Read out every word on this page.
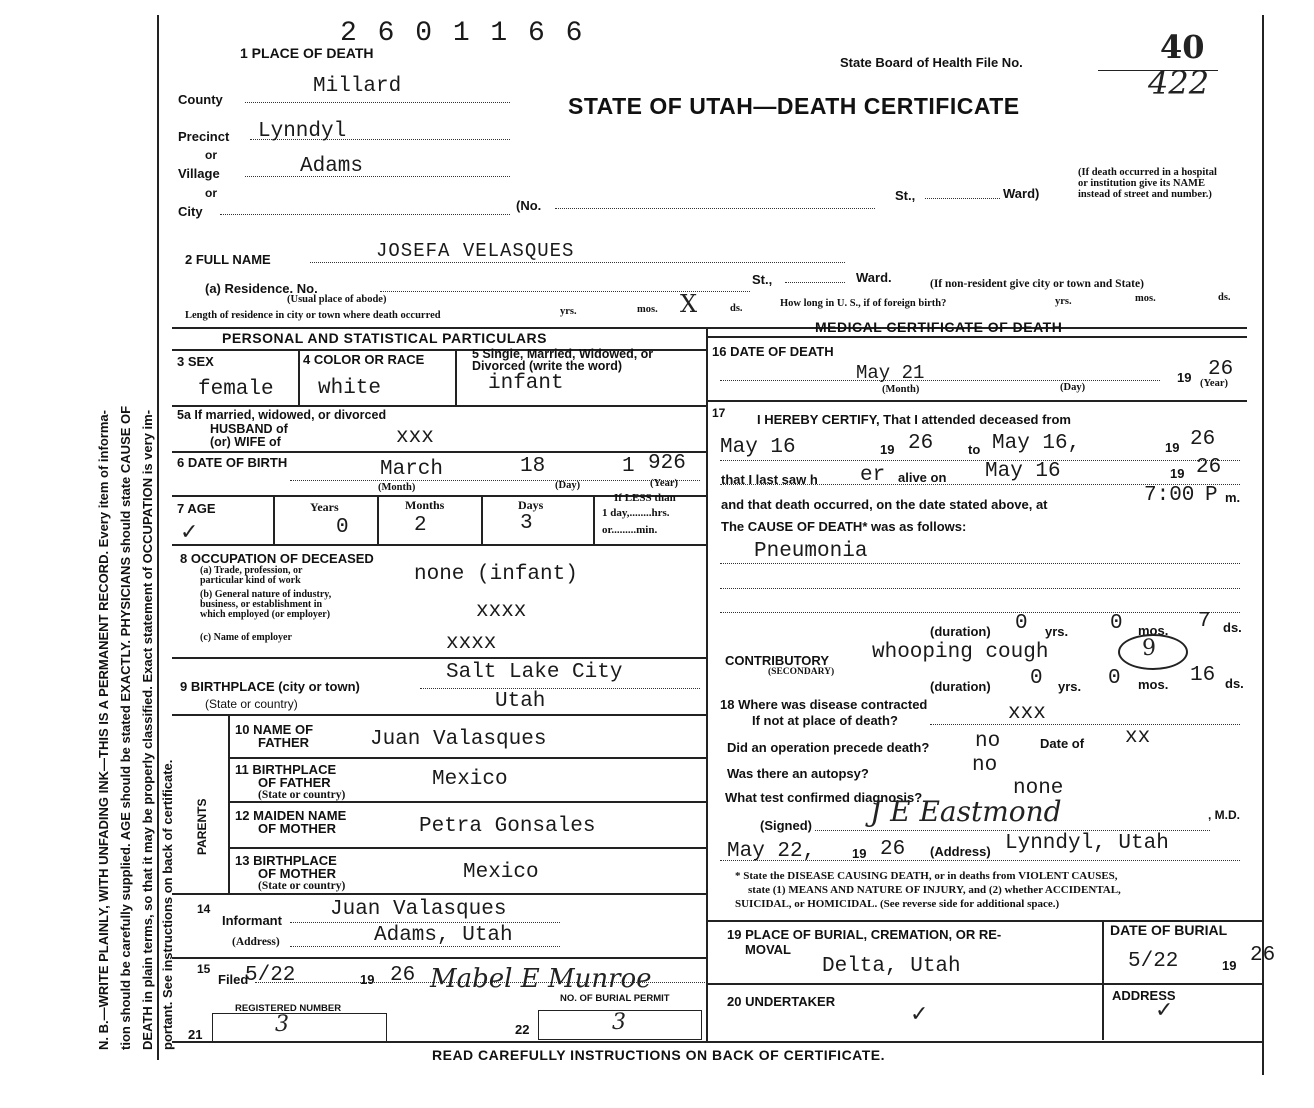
N. B.—WRITE PLAINLY, WITH UNFADING INK—THIS IS A PERMANENT RECORD. Every item of informa- tion should be carefully supplied. AGE should be stated EXACTLY. PHYSICIANS should state CAUSE OF DEATH in plain terms, so that it may be properly classified. Exact statement of OCCUPATION is very im- portant. See instructions on back of certificate.
2 6 0 1 1 6 6
1 PLACE OF DEATH
State Board of Health File No.	40
422
STATE OF UTAH—DEATH CERTIFICATE
County
Millard
Precinct Lynndyl
or
Village	Adams
or
City	(No.
St.,	Ward)
(If death occurred in a hospital or institution give its NAME instead of street and number.)
2 FULL NAME	JOSEFA VELASQUES
(a) Residence. No.
(Usual place of abode)
St.,	Ward.	(If non-resident give city or town and State)
Length of residence in city or town where death occurred	yrs.	mos. X	ds.	How long in U. S., if of foreign birth?	yrs.	mos.	ds.
PERSONAL AND STATISTICAL PARTICULARS
MEDICAL CERTIFICATE OF DEATH
3 SEX
female
4 COLOR OR RACE
white
5 Single, Married, Widowed, or Divorced (write the word)
infant
5a If married, widowed, or divorced
HUSBAND of
(or) WIFE of	xxx
6 DATE OF BIRTH	March	18	1 926
(Month)	(Day)	(Year)
7 AGE
✓
Years
0
Months
2
Days
3
If LESS than
1 day,........hrs.
or.........min.
8 OCCUPATION OF DECEASED
(a) Trade, profession, or particular kind of work	none (infant)
(b) General nature of industry, business, or establishment in which employed (or employer)	xxxx
(c) Name of employer	xxxx
Salt Lake City
9 BIRTHPLACE (city or town)
(State or country)	Utah
PARENTS
10 NAME OF
FATHER	Juan Valasques
11 BIRTHPLACE
OF FATHER
(State or country)
Mexico
12 MAIDEN NAME
OF MOTHER	Petra Gonsales
13 BIRTHPLACE
OF MOTHER
(State or country)
Mexico
14
Informant Juan Valasques
(Address)	Adams, Utah
15
Filed
5/22	19 26 Mabel E Munroe
REGISTERED NUMBER
NO. OF BURIAL PERMIT
21	3	22	3
16 DATE OF DEATH
May 21
(Month)	(Day)
19 26
(Year)
17 I HEREBY CERTIFY, That I attended deceased from
May 16	19 26	to May 16,	19 26
that I last saw h er alive on May 16	19 26
and that death occurred, on the date stated above, at	7:00 P m.
The CAUSE OF DEATH* was as follows:
Pneumonia
(duration) 0 yrs. 0 mos. 7 ds.
CONTRIBUTORY
(SECONDARY)
whooping cough	9
(duration) 0 yrs. 0 mos. 16 ds.
18 Where was disease contracted
If not at place of death?	xxx
Did an operation precede death? no	Date of xx
Was there an autopsy?	no
What test confirmed diagnosis?	none
(Signed) J E Eastmond	, M.D.
May 22,	19 26 (Address) Lynndyl, Utah
* State the DISEASE CAUSING DEATH, or in deaths from VIOLENT CAUSES,
state (1) MEANS AND NATURE OF INJURY, and (2) whether ACCIDENTAL,
SUICIDAL, or HOMICIDAL. (See reverse side for additional space.)
19 PLACE OF BURIAL, CREMATION, OR RE-
MOVAL
Delta, Utah
DATE OF BURIAL
5/22	19 26
20 UNDERTAKER
✓
ADDRESS
✓
READ CAREFULLY INSTRUCTIONS ON BACK OF CERTIFICATE.
